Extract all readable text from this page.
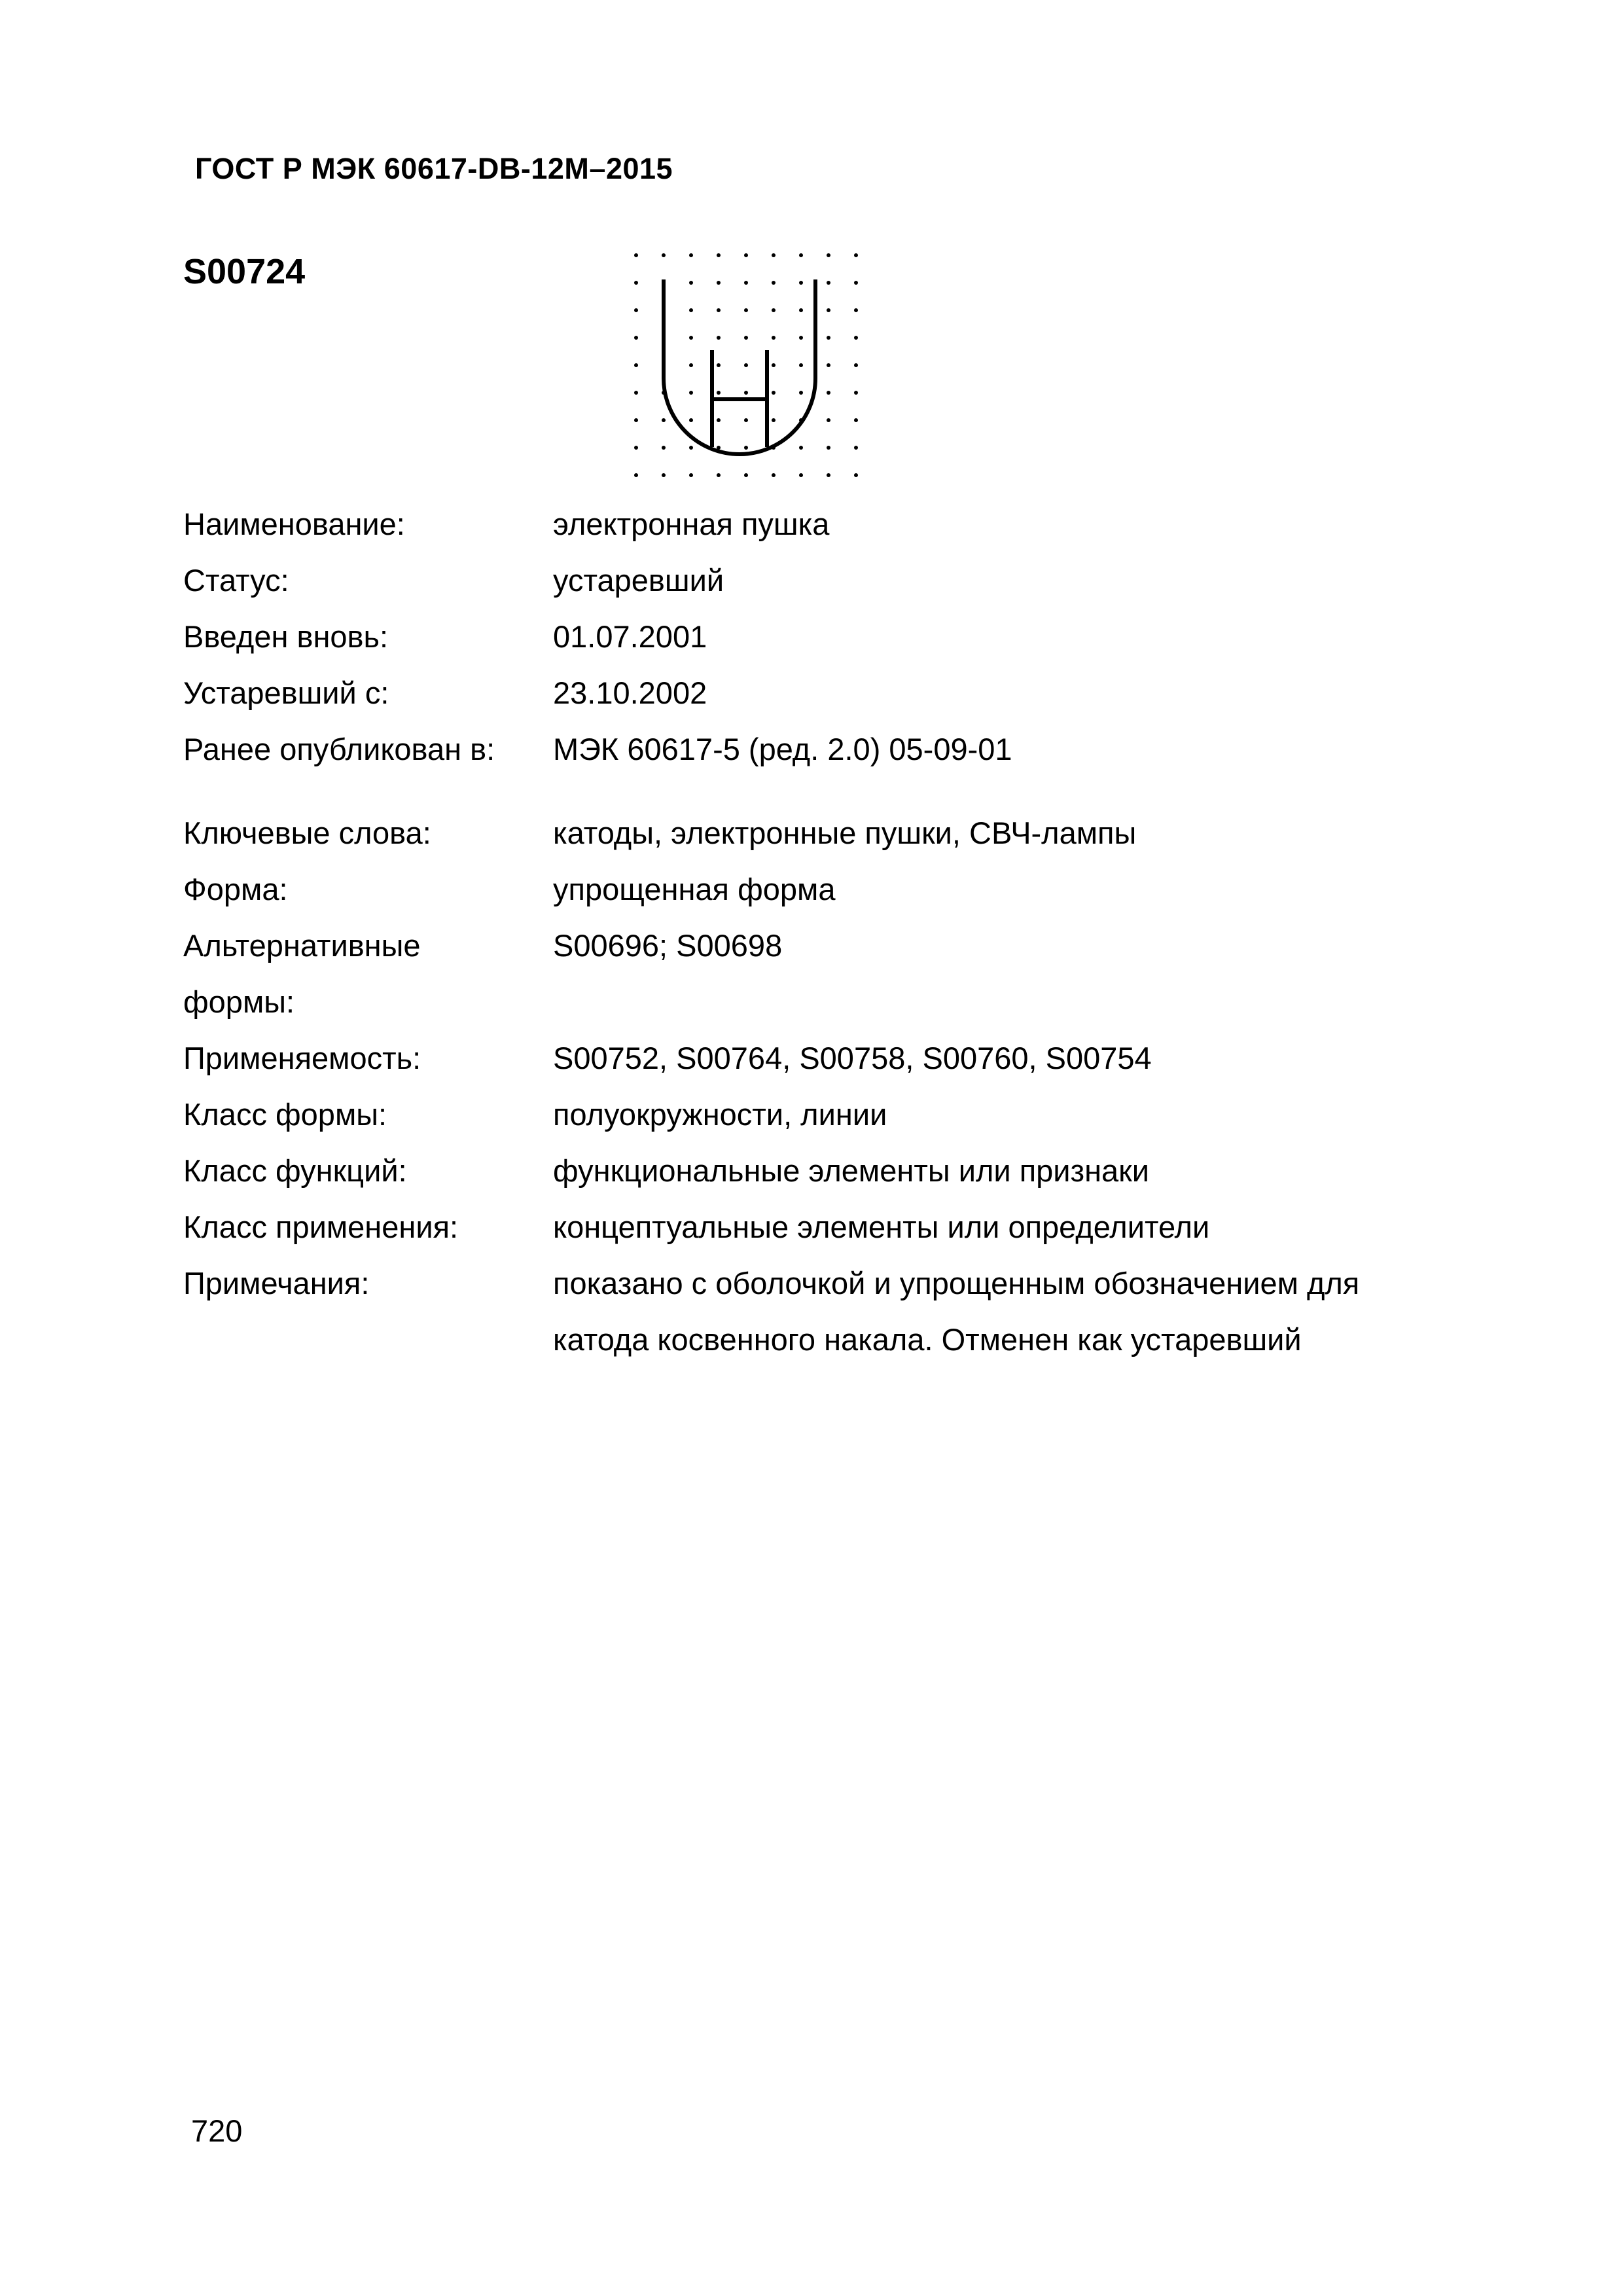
ГОСТ Р МЭК 60617-DB-12M–2015
S00724
Наименование:	электронная пушка
Статус:	устаревший
Введен вновь:	01.07.2001
Устаревший с:	23.10.2002
Ранее опубликован в: МЭК 60617-5 (ред. 2.0) 05-09-01
Ключевые слова:	катоды, электронные пушки, СВЧ-лампы
Форма:	упрощенная форма
Альтернативные
формы:
S00696; S00698
Применяемость:	S00752, S00764, S00758, S00760, S00754
Класс формы:	полуокружности, линии
Класс функций:	функциональные элементы или признаки
Класс применения:	концептуальные элементы или определители
Примечания:	показано с оболочкой и упрощенным обозначением для
катода косвенного накала. Отменен как устаревший
720
